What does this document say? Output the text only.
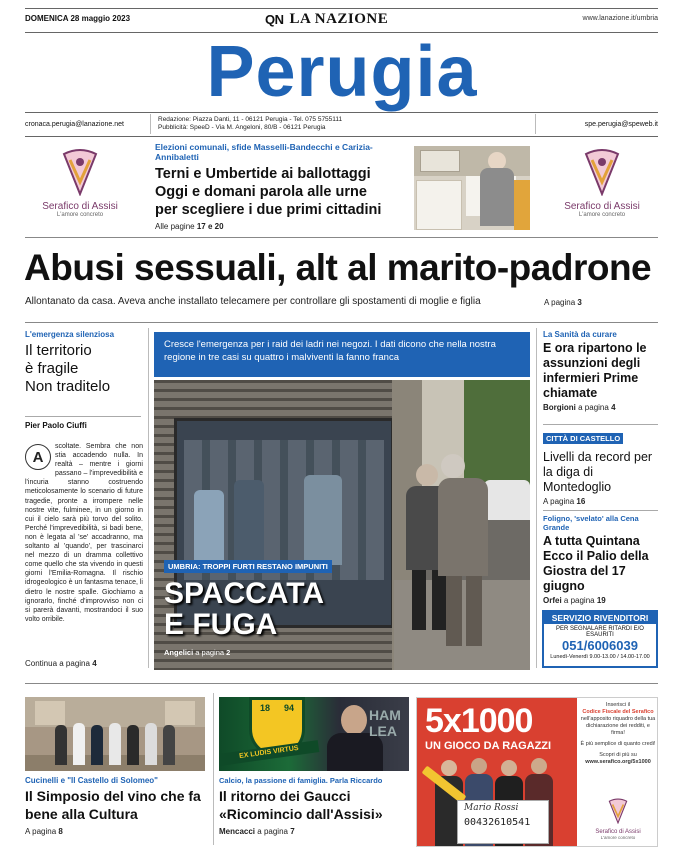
DOMENICA 28 maggio 2023	QN LA NAZIONE	www.lanazione.it/umbria
Perugia
cronaca.perugia@lanazione.net
Redazione: Piazza Danti, 11 - 06121 Perugia - Tel. 075 5755111
Pubblicità: SpeeD - Via M. Angeloni, 80/B - 06121 Perugia	spe.perugia@speweb.it
Serafico di Assisi
L'amore concreto
Serafico di Assisi
L'amore concreto
Elezioni comunali, sfide Masselli-Bandecchi e Carizia-Annibaletti
Terni e Umbertide ai ballottaggi
Oggi e domani parola alle urne
per scegliere i due primi cittadini
Alle pagine 17 e 20
Abusi sessuali, alt al marito-padrone
Allontanato da casa. Aveva anche installato telecamere per controllare gli spostamenti di moglie e figlia	A pagina 3
L'emergenza silenziosa
Il territorio
è fragile
Non traditelo
Pier Paolo Ciuffi
A
scoltate. Sembra che non stia accadendo nulla. In realtà – mentre i giorni passano – l'imprevedibilità e l'incuria stanno costruendo meticolosamente lo scenario di future tragedie, pronte a irrompere nelle nostre vite, fulminee, in un giorno in cui il cielo sarà più torvo del solito. Perché l'imprevedibilità, si badi bene, non è legata al 'se' accadranno, ma soltanto al 'quando', per trascinarci nel mezzo di un dramma collettivo come quello che sta vivendo in questi giorni l'Emilia-Romagna. Il rischio idrogeologico è un fantasma tenace, li dietro le nostre spalle. Giochiamo a ignorarlo, finché d'improvviso non ci si parerà davanti, mostrandoci il suo volto orribile.
Continua a pagina 4
Cresce l'emergenza per i raid dei ladri nei negozi. I dati dicono che nella nostra regione in tre casi su quattro i malviventi la fanno franca
UMBRIA: TROPPI FURTI RESTANO IMPUNITI
SPACCATA
E FUGA
Angelici a pagina 2
La Sanità da curare
E ora ripartono le assunzioni degli infermieri Prime chiamate
Borgioni a pagina 4
CITTÀ DI CASTELLO
Livelli da record per la diga di Montedoglio
A pagina 16
Foligno, 'svelato' alla Cena Grande
A tutta Quintana Ecco il Palio della Giostra del 17 giugno
Orfei a pagina 19
SERVIZIO RIVENDITORI
PER SEGNALARE RITARDI E/O ESAURITI
051/6006039
Lunedì-Venerdì 9.00-13.00 / 14.00-17.00
Cucinelli e "Il Castello di Solomeo"
Il Simposio del vino che fa bene alla Cultura
A pagina 8
18	94
EX LUDIS VIRTUS
HAM
LEA
Calcio, la passione di famiglia. Parla Riccardo
Il ritorno dei Gaucci «Ricomincio dall'Assisi»
Mencacci a pagina 7
5x1000
UN GIOCO DA RAGAZZI
Mario Rossi
00432610541
Inserisci il
Codice Fiscale del Serafico
nell'apposito riquadro della tua dichiarazione dei redditi, e firma!
È più semplice di quanto credi!
Scopri di più su
www.serafico.org/5x1000
Serafico di Assisi
L'amore concreto
